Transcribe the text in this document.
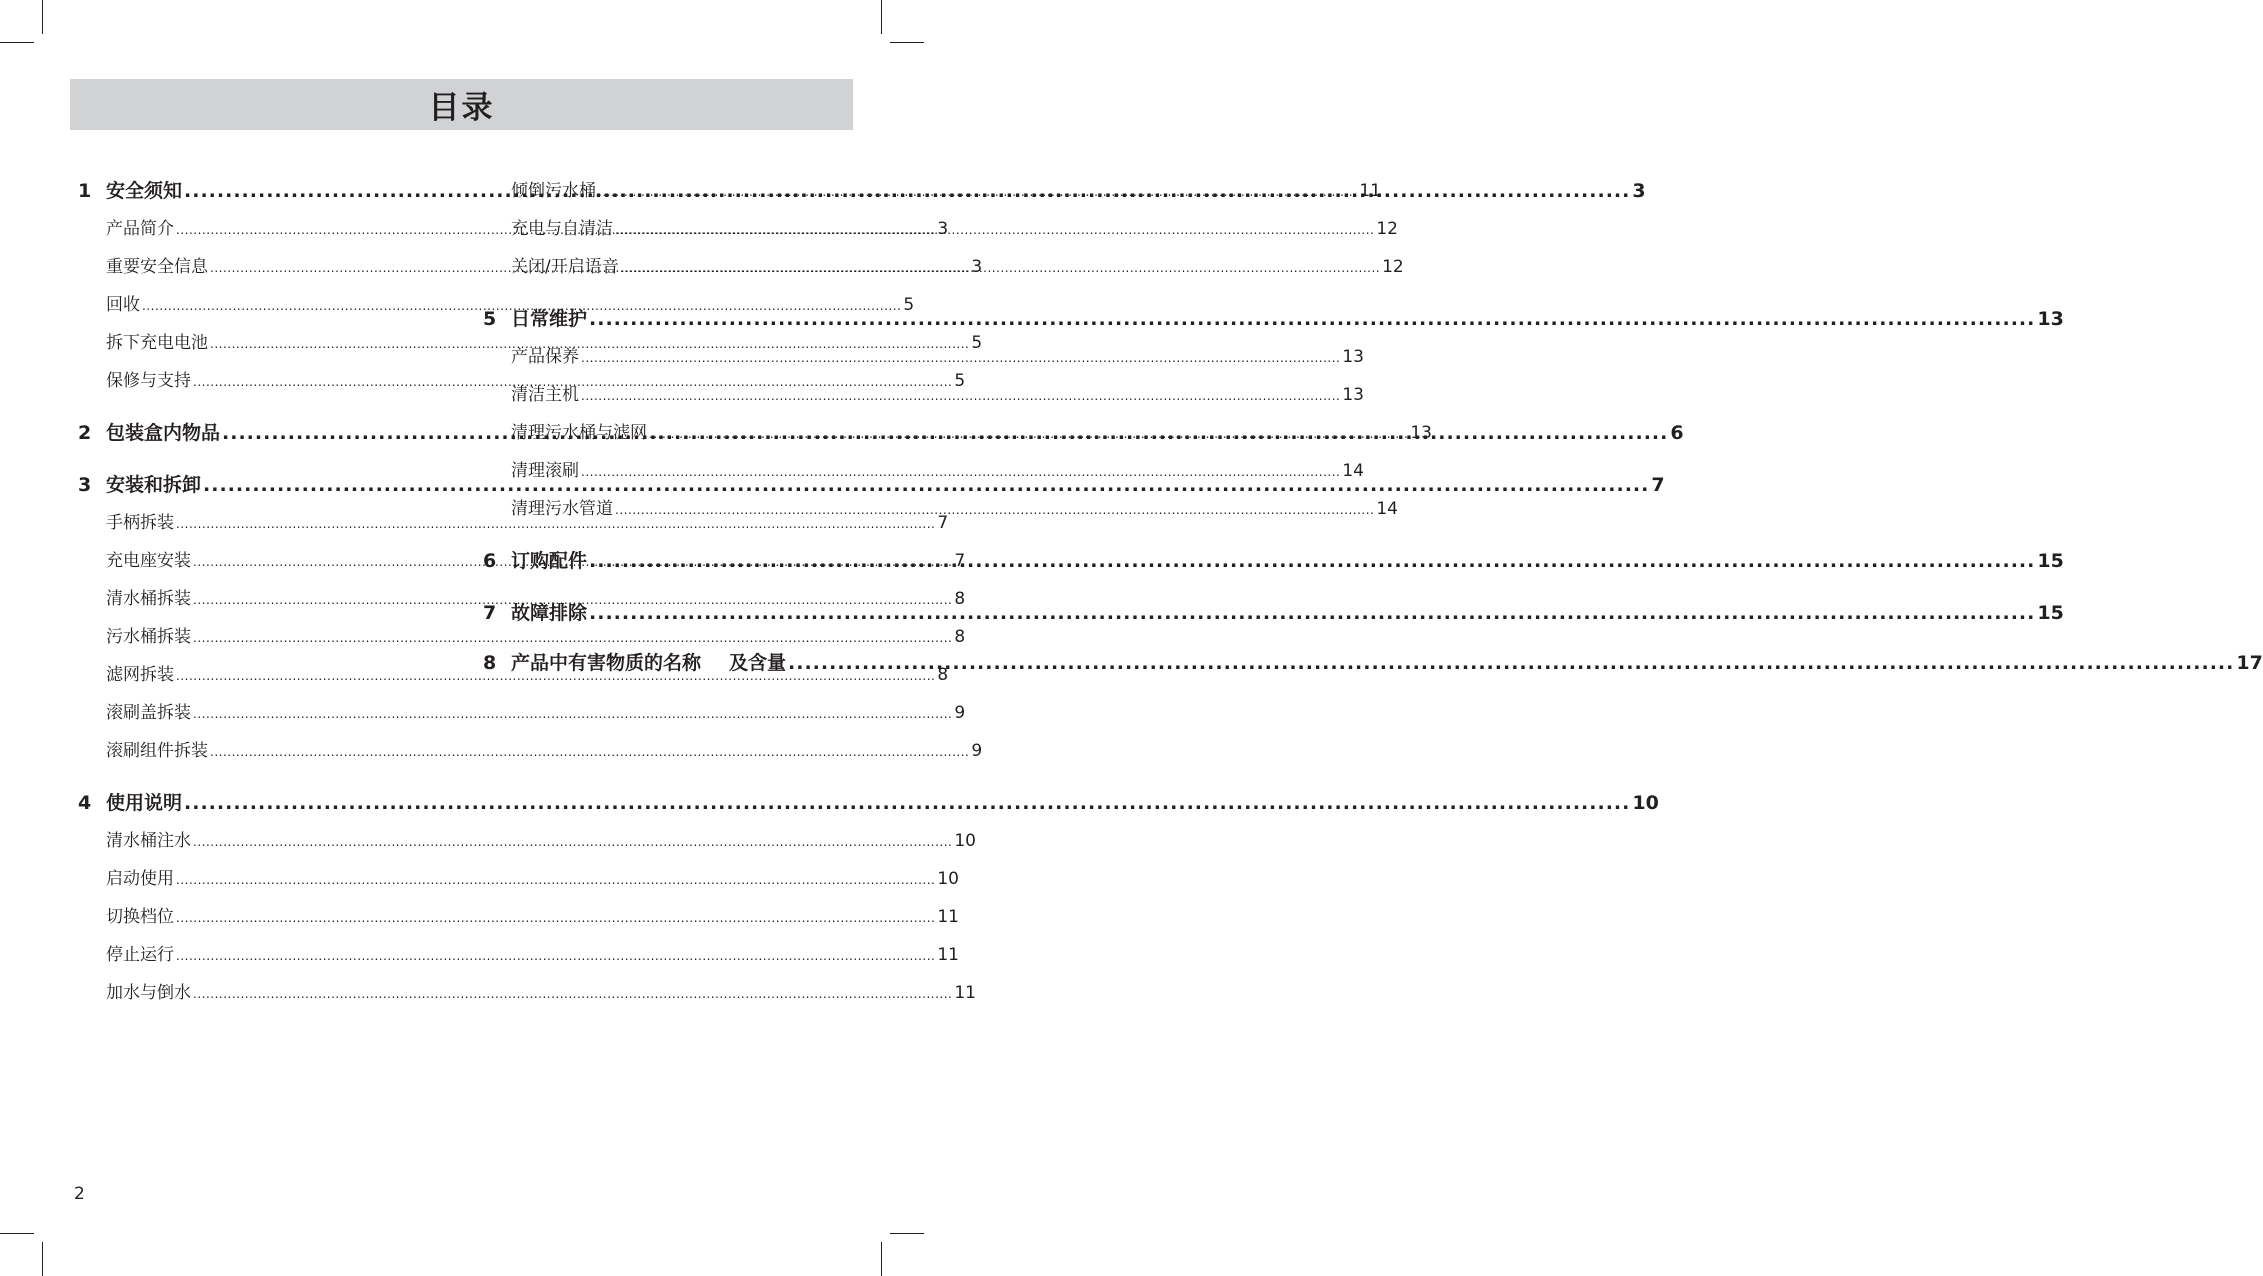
目录
1 安全须知 .....	3
产品简介 .....	3
重要安全信息 .....	3
回收 .....	5
拆下充电电池 .....	5
保修与支持 .....	5
2 包装盒内物品 .....	6
3 安装和拆卸 .....	7
手柄拆装 .....	7
充电座安装 .....	7
清水桶拆装 .....	8
污水桶拆装 .....	8
滤网拆装 .....	8
滚刷盖拆装 .....	9
滚刷组件拆装 .....	9
4 使用说明 .....	10
清水桶注水 .....	10
启动使用 .....	10
切换档位 .....	11
停止运行 .....	11
加水与倒水 .....	11
倾倒污水桶 .....	11
充电与自清洁 .....	12
关闭/开启语音 .....	12
5 日常维护 .....	13
产品保养 .....	13
清洁主机 .....	13
清理污水桶与滤网 .....	13
清理滚刷 .....	14
清理污水管道 .....	14
6 订购配件 .....	15
7 故障排除 .....	15
8 产品中有害物质的名称 及含量 .....	17
2
